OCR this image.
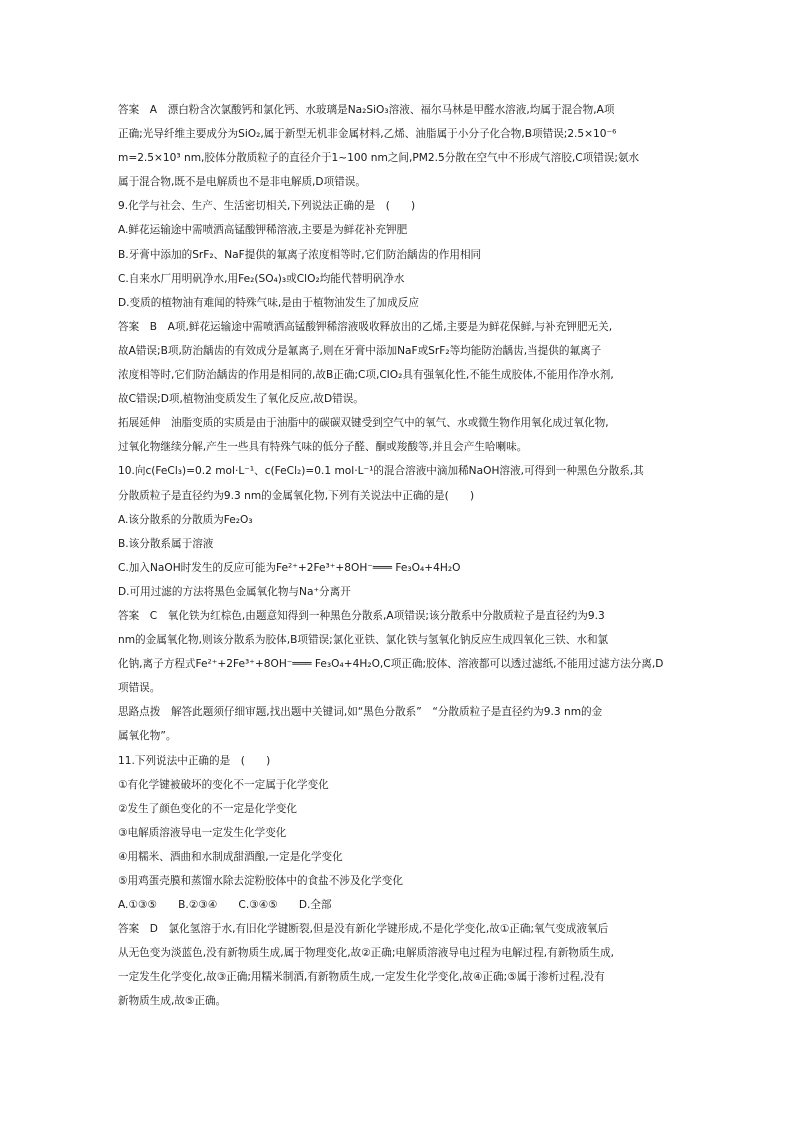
答案　A　漂白粉含次氯酸钙和氯化钙、水玻璃是Na₂SiO₃溶液、福尔马林是甲醛水溶液,均属于混合物,A项
正确;光导纤维主要成分为SiO₂,属于新型无机非金属材料,乙烯、油脂属于小分子化合物,B项错误;2.5×10⁻⁶
m=2.5×10³ nm,胶体分散质粒子的直径介于1~100 nm之间,PM2.5分散在空气中不形成气溶胶,C项错误;氨水
属于混合物,既不是电解质也不是非电解质,D项错误。
9.化学与社会、生产、生活密切相关,下列说法正确的是　(　　)
A.鲜花运输途中需喷洒高锰酸钾稀溶液,主要是为鲜花补充钾肥
B.牙膏中添加的SrF₂、NaF提供的氟离子浓度相等时,它们防治龋齿的作用相同
C.自来水厂用明矾净水,用Fe₂(SO₄)₃或ClO₂均能代替明矾净水
D.变质的植物油有难闻的特殊气味,是由于植物油发生了加成反应
答案　B　A项,鲜花运输途中需喷洒高锰酸钾稀溶液吸收释放出的乙烯,主要是为鲜花保鲜,与补充钾肥无关,
故A错误;B项,防治龋齿的有效成分是氟离子,则在牙膏中添加NaF或SrF₂等均能防治龋齿,当提供的氟离子
浓度相等时,它们防治龋齿的作用是相同的,故B正确;C项,ClO₂具有强氧化性,不能生成胶体,不能用作净水剂,
故C错误;D项,植物油变质发生了氧化反应,故D错误。
拓展延伸　油脂变质的实质是由于油脂中的碳碳双键受到空气中的氧气、水或微生物作用氧化成过氧化物,
过氧化物继续分解,产生一些具有特殊气味的低分子醛、酮或羧酸等,并且会产生哈喇味。
10.向c(FeCl₃)=0.2 mol·L⁻¹、c(FeCl₂)=0.1 mol·L⁻¹的混合溶液中滴加稀NaOH溶液,可得到一种黑色分散系,其
分散质粒子是直径约为9.3 nm的金属氧化物,下列有关说法中正确的是(　　)
A.该分散系的分散质为Fe₂O₃
B.该分散系属于溶液
C.加入NaOH时发生的反应可能为Fe²⁺+2Fe³⁺+8OH⁻═══ Fe₃O₄+4H₂O
D.可用过滤的方法将黑色金属氧化物与Na⁺分离开
答案　C　氧化铁为红棕色,由题意知得到一种黑色分散系,A项错误;该分散系中分散质粒子是直径约为9.3
nm的金属氧化物,则该分散系为胶体,B项错误;氯化亚铁、氯化铁与氢氧化钠反应生成四氧化三铁、水和氯
化钠,离子方程式Fe²⁺+2Fe³⁺+8OH⁻═══ Fe₃O₄+4H₂O,C项正确;胶体、溶液都可以透过滤纸,不能用过滤方法分离,D
项错误。
思路点拨　解答此题须仔细审题,找出题中关键词,如“黑色分散系”　“分散质粒子是直径约为9.3 nm的金
属氧化物”。
11.下列说法中正确的是　(　　)
①有化学键被破坏的变化不一定属于化学变化
②发生了颜色变化的不一定是化学变化
③电解质溶液导电一定发生化学变化
④用糯米、酒曲和水制成甜酒酿,一定是化学变化
⑤用鸡蛋壳膜和蒸馏水除去淀粉胶体中的食盐不涉及化学变化
A.①③⑤　　B.②③④　　C.③④⑤　　D.全部
答案　D　氯化氢溶于水,有旧化学键断裂,但是没有新化学键形成,不是化学变化,故①正确;氧气变成液氧后
从无色变为淡蓝色,没有新物质生成,属于物理变化,故②正确;电解质溶液导电过程为电解过程,有新物质生成,
一定发生化学变化,故③正确;用糯米制酒,有新物质生成,一定发生化学变化,故④正确;⑤属于渗析过程,没有
新物质生成,故⑤正确。
